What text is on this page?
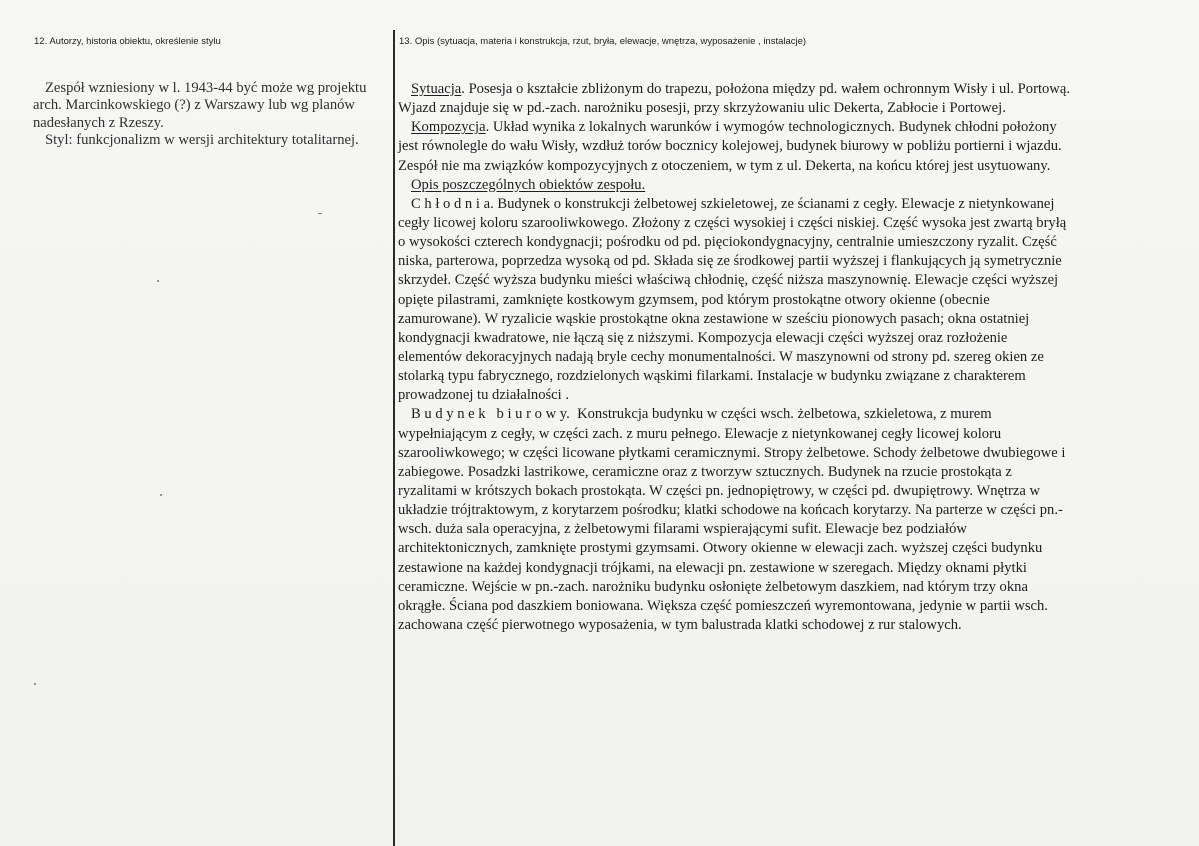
12. Autorzy, historia obiektu, określenie stylu	13. Opis (sytuacja, materia i konstrukcja, rzut, bryła, elewacje, wnętrza, wyposażenie , instalacje)

Zespół wzniesiony w l. 1943-44 być może wg projektu arch. Marcinkowskiego (?) z Warszawy lub wg planów nadesłanych z Rzeszy.

Styl: funkcjonalizm w wersji architektury totalitarnej.

Sytuacja. Posesja o kształcie zbliżonym do trapezu, położona między pd. wałem ochronnym Wisły i ul. Portową.
Wjazd znajduje się w pd.-zach. narożniku posesji, przy skrzyżowaniu ulic Dekerta, Zabłocie i Portowej.
Kompozycja. Układ wynika z lokalnych warunków i wymogów technologicznych. Budynek chłodni położony
jest równolegle do wału Wisły, wzdłuż torów bocznicy kolejowej, budynek biurowy w pobliżu portierni i wjazdu.
Zespół nie ma związków kompozycyjnych z otoczeniem, w tym z ul. Dekerta, na końcu której jest usytuowany.
Opis poszczególnych obiektów zespołu.
C h ł o d n i a. Budynek o konstrukcji żelbetowej szkieletowej, ze ścianami z cegły. Elewacje z nietynkowanej
cegły licowej koloru szarooliwkowego. Złożony z części wysokiej i części niskiej. Część wysoka jest zwartą bryłą
o wysokości czterech kondygnacji; pośrodku od pd. pięciokondygnacyjny, centralnie umieszczony ryzalit. Część
niska, parterowa, poprzedza wysoką od pd. Składa się ze środkowej partii wyższej i flankujących ją symetrycznie
skrzydeł. Część wyższa budynku mieści właściwą chłodnię, część niższa maszynownię. Elewacje części wyższej
opięte pilastrami, zamknięte kostkowym gzymsem, pod którym prostokątne otwory okienne (obecnie
zamurowane). W ryzalicie wąskie prostokątne okna zestawione w sześciu pionowych pasach; okna ostatniej
kondygnacji kwadratowe, nie łączą się z niższymi. Kompozycja elewacji części wyższej oraz rozłożenie
elementów dekoracyjnych nadają bryle cechy monumentalności. W maszynowni od strony pd. szereg okien ze
stolarką typu fabrycznego, rozdzielonych wąskimi filarkami. Instalacje w budynku związane z charakterem
prowadzonej tu działalności .
B u d y n e k   b i u r o w y.  Konstrukcja budynku w części wsch. żelbetowa, szkieletowa, z murem
wypełniającym z cegły, w części zach. z muru pełnego. Elewacje z nietynkowanej cegły licowej koloru
szarooliwkowego; w części licowane płytkami ceramicznymi. Stropy żelbetowe. Schody żelbetowe dwubiegowe i
zabiegowe. Posadzki lastrikowe, ceramiczne oraz z tworzyw sztucznych. Budynek na rzucie prostokąta z
ryzalitami w krótszych bokach prostokąta. W części pn. jednopiętrowy, w części pd. dwupiętrowy. Wnętrza w
układzie trójtraktowym, z korytarzem pośrodku; klatki schodowe na końcach korytarzy. Na parterze w części pn.-
wsch. duża sala operacyjna, z żelbetowymi filarami wspierającymi sufit. Elewacje bez podziałów
architektonicznych, zamknięte prostymi gzymsami. Otwory okienne w elewacji zach. wyższej części budynku
zestawione na każdej kondygnacji trójkami, na elewacji pn. zestawione w szeregach. Między oknami płytki
ceramiczne. Wejście w pn.-zach. narożniku budynku osłonięte żelbetowym daszkiem, nad którym trzy okna
okrągłe. Ściana pod daszkiem boniowana. Większa część pomieszczeń wyremontowana, jedynie w partii wsch.
zachowana część pierwotnego wyposażenia, w tym balustrada klatki schodowej z rur stalowych.
